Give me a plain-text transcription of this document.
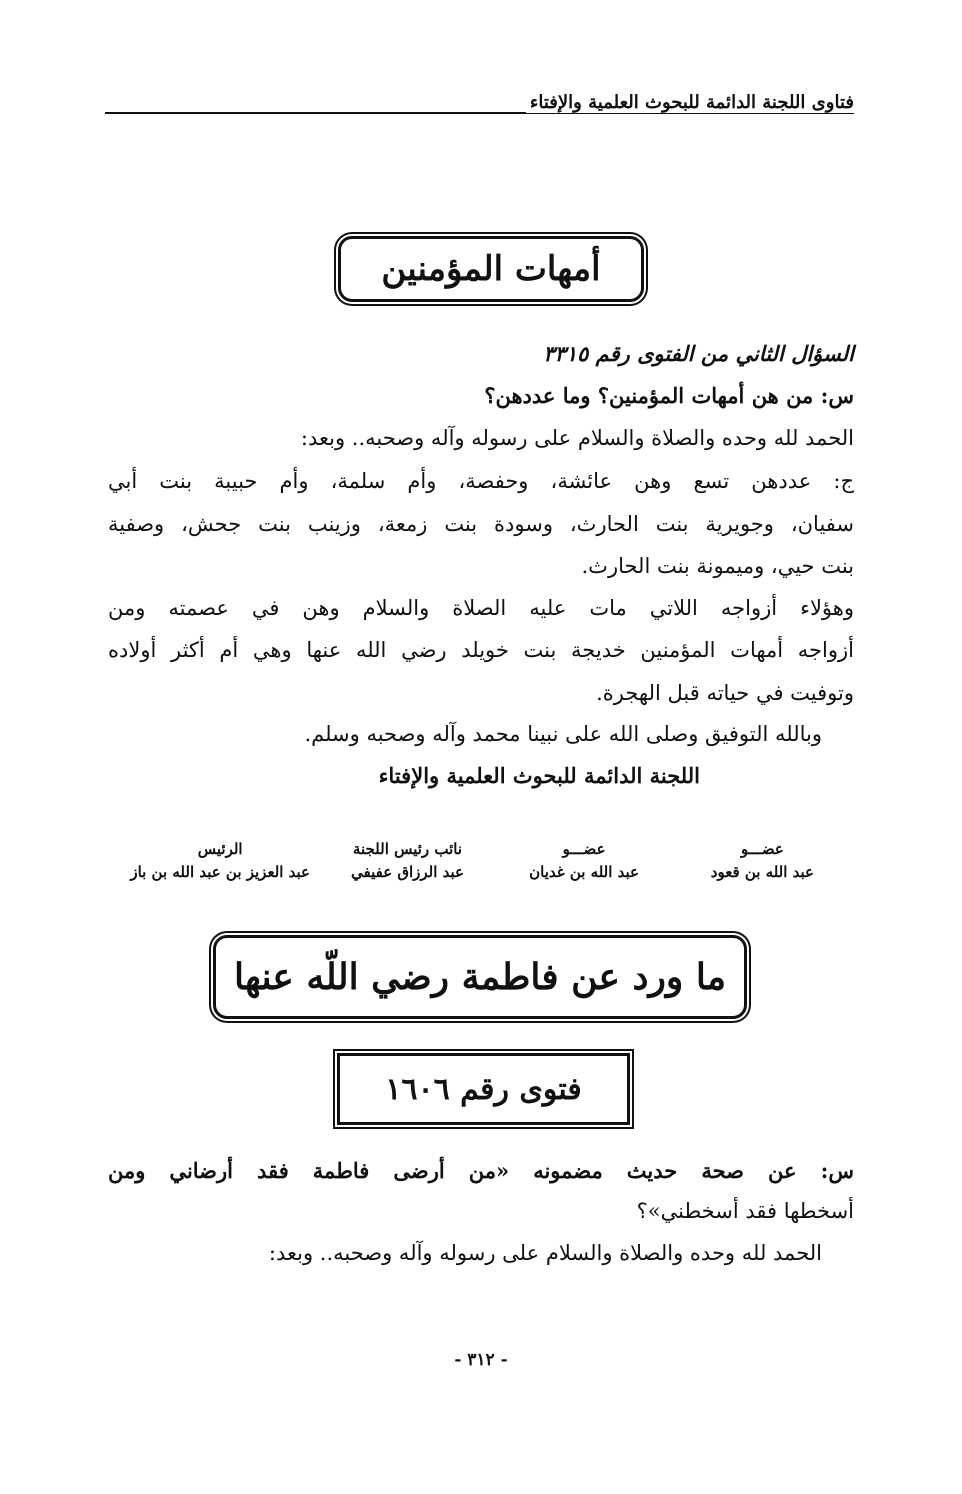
فتاوى اللجنة الدائمة للبحوث العلمية والإفتاء
أمهات المؤمنين
السؤال الثاني من الفتوى رقم ٣٣١٥
س: من هن أمهات المؤمنين؟ وما عددهن؟
الحمد لله وحده والصلاة والسلام على رسوله وآله وصحبه.. وبعد:
ج: عددهن تسع وهن عائشة، وحفصة، وأم سلمة، وأم حبيبة بنت أبي
سفيان، وجويرية بنت الحارث، وسودة بنت زمعة، وزينب بنت جحش، وصفية
بنت حيي، وميمونة بنت الحارث.
وهؤلاء أزواجه اللاتي مات عليه الصلاة والسلام وهن في عصمته ومن
أزواجه أمهات المؤمنين خديجة بنت خويلد رضي الله عنها وهي أم أكثر أولاده
وتوفيت في حياته قبل الهجرة.
وبالله التوفيق وصلى الله على نبينا محمد وآله وصحبه وسلم.
اللجنة الدائمة للبحوث العلمية والإفتاء
عضـــو
عبد الله بن قعود
عضـــو
عبد الله بن غديان
نائب رئيس اللجنة
عبد الرزاق عفيفي
الرئيس
عبد العزيز بن عبد الله بن باز
ما ورد عن فاطمة رضي اللّه عنها
فتوى رقم ١٦٠٦
س: عن صحة حديث مضمونه «من أرضى فاطمة فقد أرضاني ومن
أسخطها فقد أسخطني»؟
الحمد لله وحده والصلاة والسلام على رسوله وآله وصحبه.. وبعد:
- ٣١٢ -
